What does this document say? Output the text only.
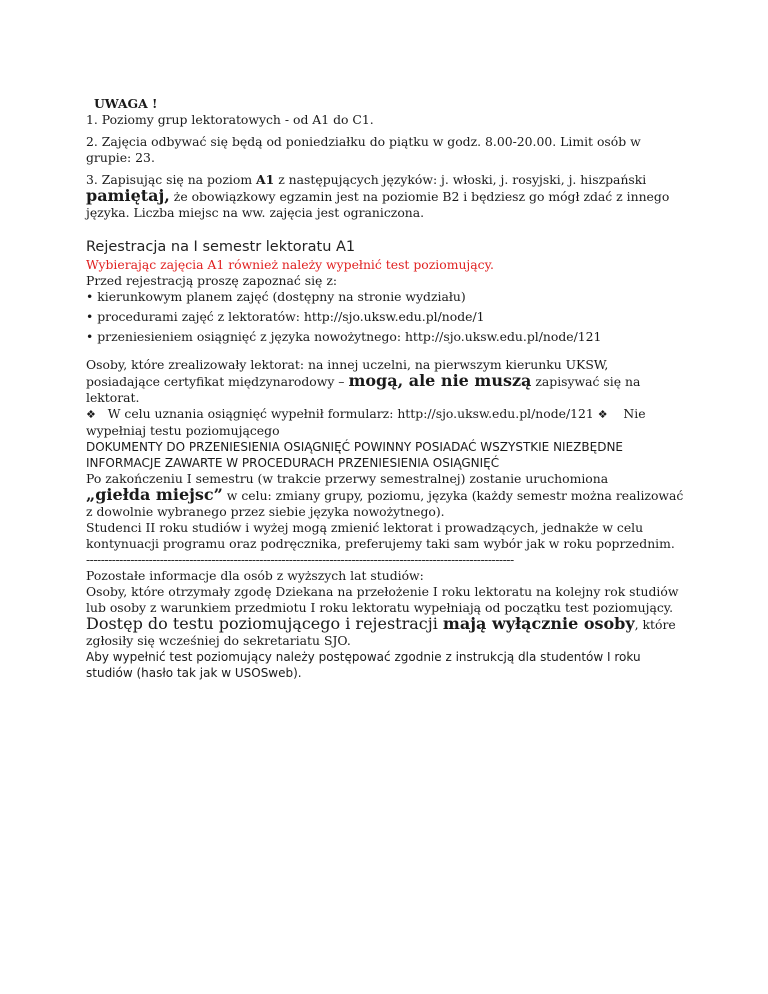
UWAGA !

1. Poziomy grup lektoratowych - od A1 do C1.

2. Zajęcia odbywać się będą od poniedziałku do piątku w godz. 8.00-20.00. Limit osób w grupie: 23.

3. Zapisując się na poziom A1 z następujących języków: j. włoski, j. rosyjski, j. hiszpański
pamiętaj, że obowiązkowy egzamin jest na poziomie B2 i będziesz go mógł zdać z innego języka. Liczba miejsc na ww. zajęcia jest ograniczona.

Rejestracja na I semestr lektoratu A1

Wybierając zajęcia A1 również należy wypełnić test poziomujący.

Przed rejestracją proszę zapoznać się z:

• kierunkowym planem zajęć (dostępny na stronie wydziału)

• procedurami zajęć z lektoratów: http://sjo.uksw.edu.pl/node/1

• przeniesieniem osiągnięć z języka nowożytnego: http://sjo.uksw.edu.pl/node/121

Osoby, które zrealizowały lektorat: na innej uczelni, na pierwszym kierunku UKSW, posiadające certyfikat międzynarodowy – mogą, ale nie muszą zapisywać się na lektorat.

❖ W celu uznania osiągnięć wypełnił formularz: http://sjo.uksw.edu.pl/node/121 ❖ Nie wypełniaj testu poziomującego

DOKUMENTY DO PRZENIESIENIA OSIĄGNIĘĆ POWINNY POSIADAĆ WSZYSTKIE NIEZBĘDNE INFORMACJE ZAWARTE W PROCEDURACH PRZENIESIENIA OSIĄGNIĘĆ

Po zakończeniu I semestru (w trakcie przerwy semestralnej) zostanie uruchomiona

„giełda miejsc” w celu: zmiany grupy, poziomu, języka (każdy semestr można realizować z dowolnie wybranego przez siebie języka nowożytnego).

Studenci II roku studiów i wyżej mogą zmienić lektorat i prowadzących, jednakże w celu kontynuacji programu oraz podręcznika, preferujemy taki sam wybór jak w roku poprzednim.

--------------------------------------------------------------------------------------------------------------------

Pozostałe informacje dla osób z wyższych lat studiów:

Osoby, które otrzymały zgodę Dziekana na przełożenie I roku lektoratu na kolejny rok studiów lub osoby z warunkiem przedmiotu I roku lektoratu wypełniają od początku test poziomujący.

Dostęp do testu poziomującego i rejestracji mają wyłącznie osoby, które zgłosiły się wcześniej do sekretariatu SJO.

Aby wypełnić test poziomujący należy postępować zgodnie z instrukcją dla studentów I roku studiów (hasło tak jak w USOSweb).
